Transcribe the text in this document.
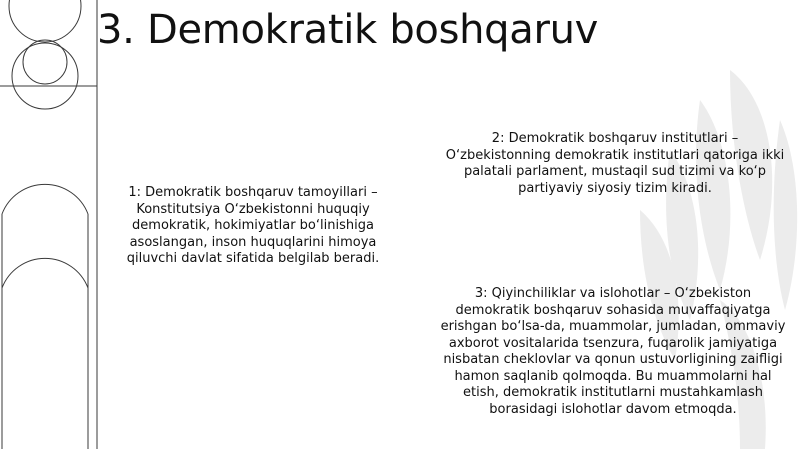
3. Demokratik boshqaruv

1: Demokratik boshqaruv tamoyillari – Konstitutsiya O‘zbekistonni huquqiy demokratik, hokimiyatlar bo‘linishiga asoslangan, inson huquqlarini himoya qiluvchi davlat sifatida belgilab beradi.

2: Demokratik boshqaruv institutlari – O‘zbekistonning demokratik institutlari qatoriga ikki palatali parlament, mustaqil sud tizimi va ko‘p partiyaviy siyosiy tizim kiradi.

3: Qiyinchiliklar va islohotlar – O‘zbekiston demokratik boshqaruv sohasida muvaffaqiyatga erishgan bo‘lsa-da, muammolar, jumladan, ommaviy axborot vositalarida tsenzura, fuqarolik jamiyatiga nisbatan cheklovlar va qonun ustuvorligining zaifligi hamon saqlanib qolmoqda. Bu muammolarni hal etish, demokratik institutlarni mustahkamlash borasidagi islohotlar davom etmoqda.
